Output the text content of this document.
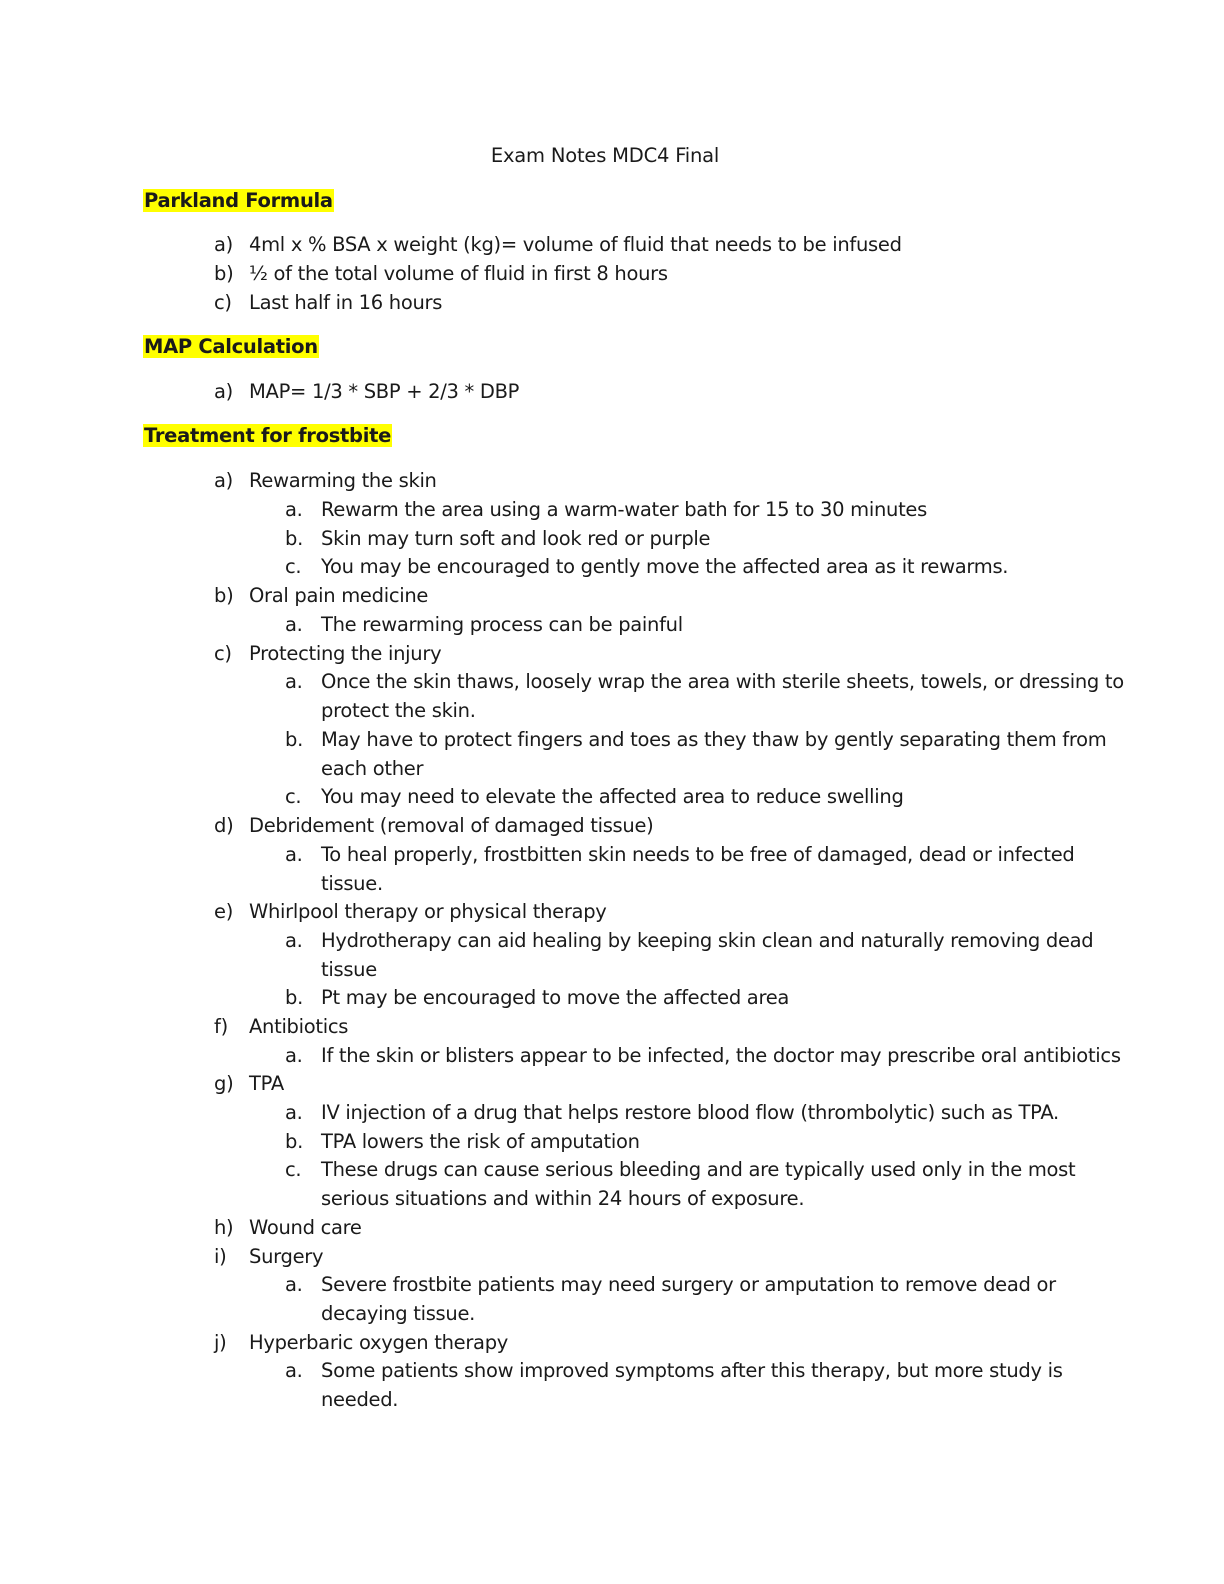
Exam Notes MDC4 Final
Parkland Formula
a) 4ml x % BSA x weight (kg)= volume of fluid that needs to be infused
b) ½ of the total volume of fluid in first 8 hours
c) Last half in 16 hours
MAP Calculation
a) MAP= 1/3 * SBP + 2/3 * DBP
Treatment for frostbite
a) Rewarming the skin
a. Rewarm the area using a warm-water bath for 15 to 30 minutes
b. Skin may turn soft and look red or purple
c. You may be encouraged to gently move the affected area as it rewarms.
b) Oral pain medicine
a. The rewarming process can be painful
c) Protecting the injury
a. Once the skin thaws, loosely wrap the area with sterile sheets, towels, or dressing to
protect the skin.
b. May have to protect fingers and toes as they thaw by gently separating them from
each other
c. You may need to elevate the affected area to reduce swelling
d) Debridement (removal of damaged tissue)
a. To heal properly, frostbitten skin needs to be free of damaged, dead or infected
tissue.
e) Whirlpool therapy or physical therapy
a. Hydrotherapy can aid healing by keeping skin clean and naturally removing dead
tissue
b. Pt may be encouraged to move the affected area
f) Antibiotics
a. If the skin or blisters appear to be infected, the doctor may prescribe oral antibiotics
g) TPA
a. IV injection of a drug that helps restore blood flow (thrombolytic) such as TPA.
b. TPA lowers the risk of amputation
c. These drugs can cause serious bleeding and are typically used only in the most
serious situations and within 24 hours of exposure.
h) Wound care
i) Surgery
a. Severe frostbite patients may need surgery or amputation to remove dead or
decaying tissue.
j) Hyperbaric oxygen therapy
a. Some patients show improved symptoms after this therapy, but more study is
needed.
